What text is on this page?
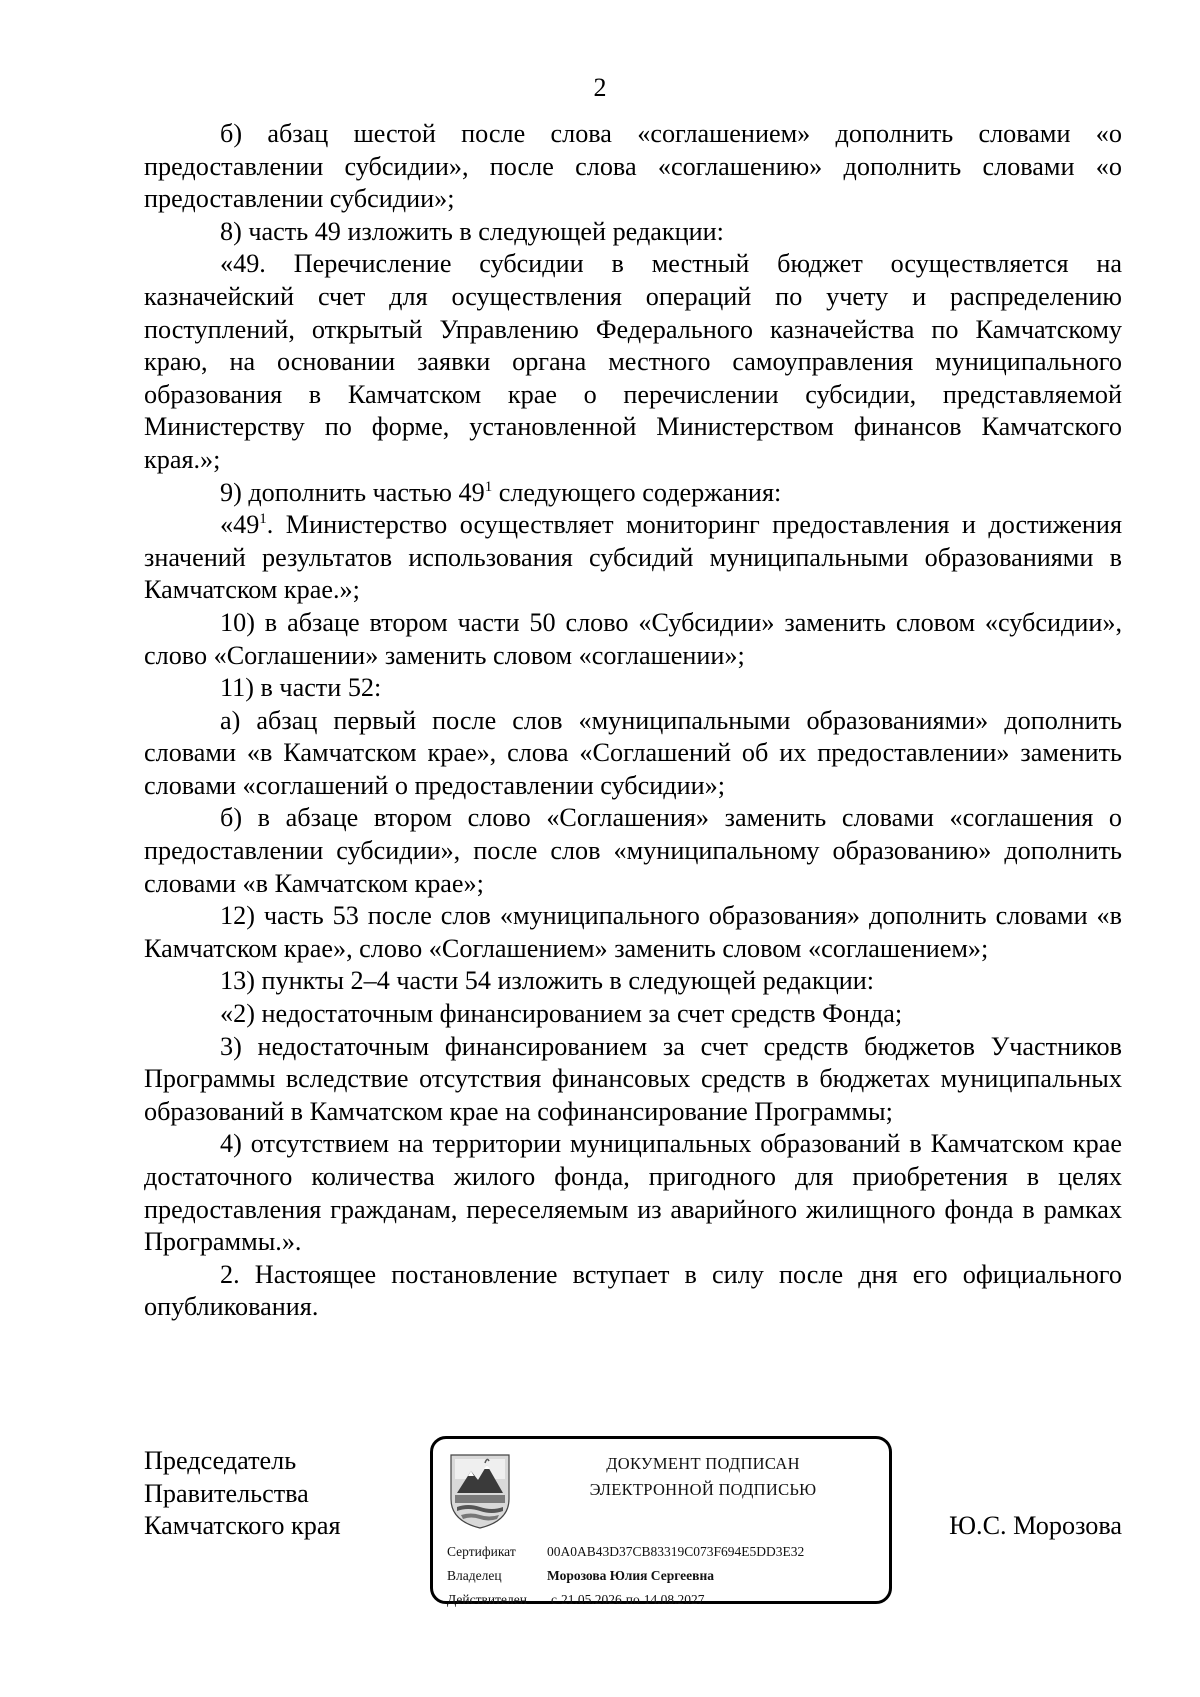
2

б) абзац шестой после слова «соглашением» дополнить словами «о предоставлении субсидии», после слова «соглашению» дополнить словами «о предоставлении субсидии»;

8) часть 49 изложить в следующей редакции:

«49. Перечисление субсидии в местный бюджет осуществляется на казначейский счет для осуществления операций по учету и распределению поступлений, открытый Управлению Федерального казначейства по Камчатскому краю, на основании заявки органа местного самоуправления муниципального образования в Камчатском крае о перечислении субсидии, представляемой Министерству по форме, установленной Министерством финансов Камчатского края.»;

9) дополнить частью $49^1$ следующего содержания:

«$49^1$. Министерство осуществляет мониторинг предоставления и достижения значений результатов использования субсидий муниципальными образованиями в Камчатском крае.»;

10) в абзаце втором части 50 слово «Субсидии» заменить словом «субсидии», слово «Соглашении» заменить словом «соглашении»;

11) в части 52:

а) абзац первый после слов «муниципальными образованиями» дополнить словами «в Камчатском крае», слова «Соглашений об их предоставлении» заменить словами «соглашений о предоставлении субсидии»;

б) в абзаце втором слово «Соглашения» заменить словами «соглашения о предоставлении субсидии», после слов «муниципальному образованию» дополнить словами «в Камчатском крае»;

12) часть 53 после слов «муниципального образования» дополнить словами «в Камчатском крае», слово «Соглашением» заменить словом «соглашением»;

13) пункты 2–4 части 54 изложить в следующей редакции:

«2) недостаточным финансированием за счет средств Фонда;

3) недостаточным финансированием за счет средств бюджетов Участников Программы вследствие отсутствия финансовых средств в бюджетах муниципальных образований в Камчатском крае на софинансирование Программы;

4) отсутствием на территории муниципальных образований в Камчатском крае достаточного количества жилого фонда, пригодного для приобретения в целях предоставления гражданам, переселяемым из аварийного жилищного фонда в рамках Программы.».

2. Настоящее постановление вступает в силу после дня его официального опубликования.

Председатель
Правительства
Камчатского края
ДОКУМЕНТ ПОДПИСАН
ЭЛЕКТРОННОЙ ПОДПИСЬЮ
Сертификат 00A0AB43D37CB83319C073F694E5DD3E32
Владелец	Морозова Юлия Сергеевна
Действителен с 21.05.2026 по 14.08.2027
Ю.С. Морозова
